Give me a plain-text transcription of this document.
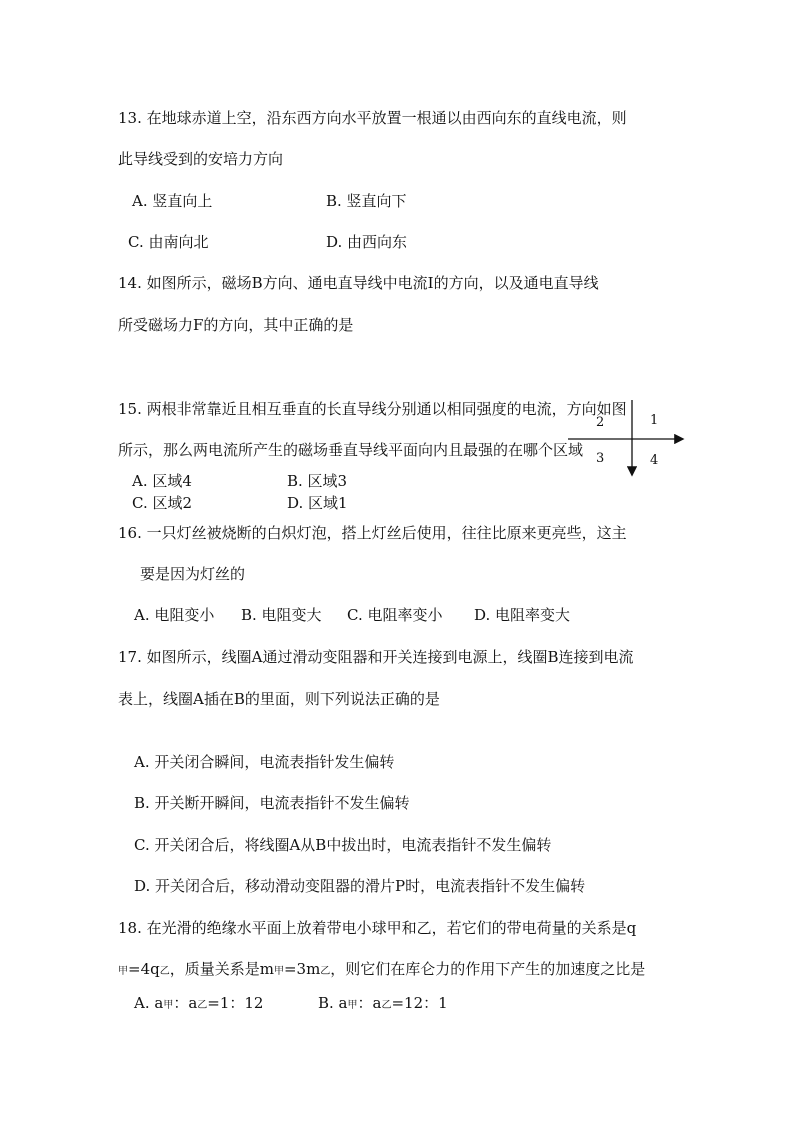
13. 在地球赤道上空，沿东西方向水平放置一根通以由西向东的直线电流，则
此导线受到的安培力方向
A. 竖直向上	B. 竖直向下
C. 由南向北	D. 由西向东
14. 如图所示，磁场B方向、通电直导线中电流I的方向，以及通电直导线
所受磁场力F的方向，其中正确的是
15. 两根非常靠近且相互垂直的长直导线分别通以相同强度的电流，方向如图
所示，那么两电流所产生的磁场垂直导线平面向内且最强的在哪个区域
A. 区域4	B. 区域3
C. 区域2	D. 区域1
1
2
3	4
16. 一只灯丝被烧断的白炽灯泡，搭上灯丝后使用，往往比原来更亮些，这主
要是因为灯丝的
A. 电阻变小 B. 电阻变大 C. 电阻率变小 D. 电阻率变大
17. 如图所示，线圈A通过滑动变阻器和开关连接到电源上，线圈B连接到电流
表上，线圈A插在B的里面，则下列说法正确的是
A. 开关闭合瞬间，电流表指针发生偏转
B. 开关断开瞬间，电流表指针不发生偏转
C. 开关闭合后，将线圈A从B中拔出时，电流表指针不发生偏转
D. 开关闭合后，移动滑动变阻器的滑片P时，电流表指针不发生偏转
18. 在光滑的绝缘水平面上放着带电小球甲和乙，若它们的带电荷量的关系是q
甲=4q乙，质量关系是m甲=3m乙，则它们在库仑力的作用下产生的加速度之比是
A. a甲：a乙=1：12	B. a甲：a乙=12：1
